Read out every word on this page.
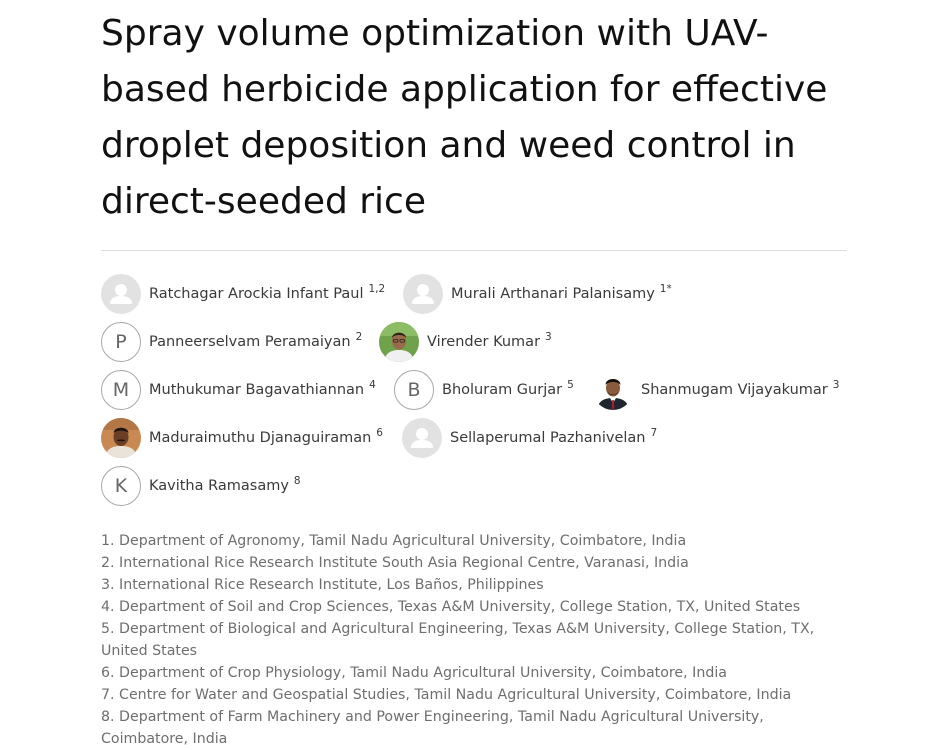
Spray volume optimization with UAV-based herbicide application for effective droplet deposition and weed control in direct-seeded rice
Ratchagar Arockia Infant Paul $^{1,2}$	Murali Arthanari Palanisamy $^{1*}$
P	Panneerselvam Peramaiyan $^2$	Virender Kumar $^3$
M	Muthukumar Bagavathiannan $^4$	B	Bholuram Gurjar $^5$	Shanmugam Vijayakumar $^3$
Maduraimuthu Djanaguiraman $^6$	Sellaperumal Pazhanivelan $^7$
K	Kavitha Ramasamy $^8$
1. Department of Agronomy, Tamil Nadu Agricultural University, Coimbatore, India
2. International Rice Research Institute South Asia Regional Centre, Varanasi, India
3. International Rice Research Institute, Los Baños, Philippines
4. Department of Soil and Crop Sciences, Texas A&M University, College Station, TX, United States
5. Department of Biological and Agricultural Engineering, Texas A&M University, College Station, TX, United States
6. Department of Crop Physiology, Tamil Nadu Agricultural University, Coimbatore, India
7. Centre for Water and Geospatial Studies, Tamil Nadu Agricultural University, Coimbatore, India
8. Department of Farm Machinery and Power Engineering, Tamil Nadu Agricultural University, Coimbatore, India
